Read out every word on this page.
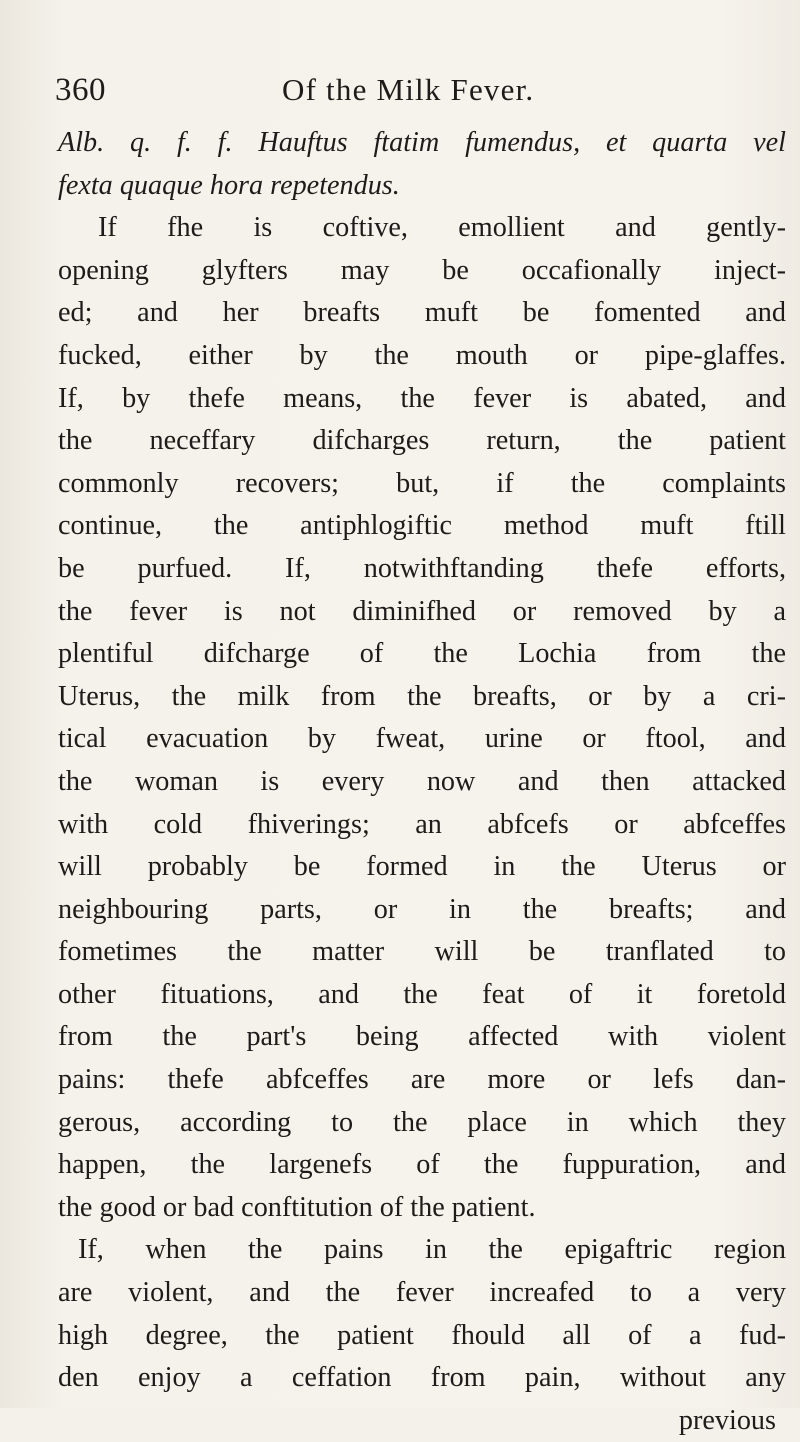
360	Of the Milk Fever.
Alb. q. f. f. Hauftus ftatim fumendus, et quarta vel
fexta quaque hora repetendus.
If fhe is coftive, emollient and gently-
opening glyfters may be occafionally inject-
ed; and her breafts muft be fomented and
fucked, either by the mouth or pipe-glaffes.
If, by thefe means, the fever is abated, and
the neceffary difcharges return, the patient
commonly recovers; but, if the complaints
continue, the antiphlogiftic method muft ftill
be purfued. If, notwithftanding thefe efforts,
the fever is not diminifhed or removed by a
plentiful difcharge of the Lochia from the
Uterus, the milk from the breafts, or by a cri-
tical evacuation by fweat, urine or ftool, and
the woman is every now and then attacked
with cold fhiverings; an abfcefs or abfceffes
will probably be formed in the Uterus or
neighbouring parts, or in the breafts; and
fometimes the matter will be tranflated to
other fituations, and the feat of it foretold
from the part's being affected with violent
pains: thefe abfceffes are more or lefs dan-
gerous, according to the place in which they
happen, the largenefs of the fuppuration, and
the good or bad conftitution of the patient.
If, when the pains in the epigaftric region
are violent, and the fever increafed to a very
high degree, the patient fhould all of a fud-
den enjoy a ceffation from pain, without any
previous
